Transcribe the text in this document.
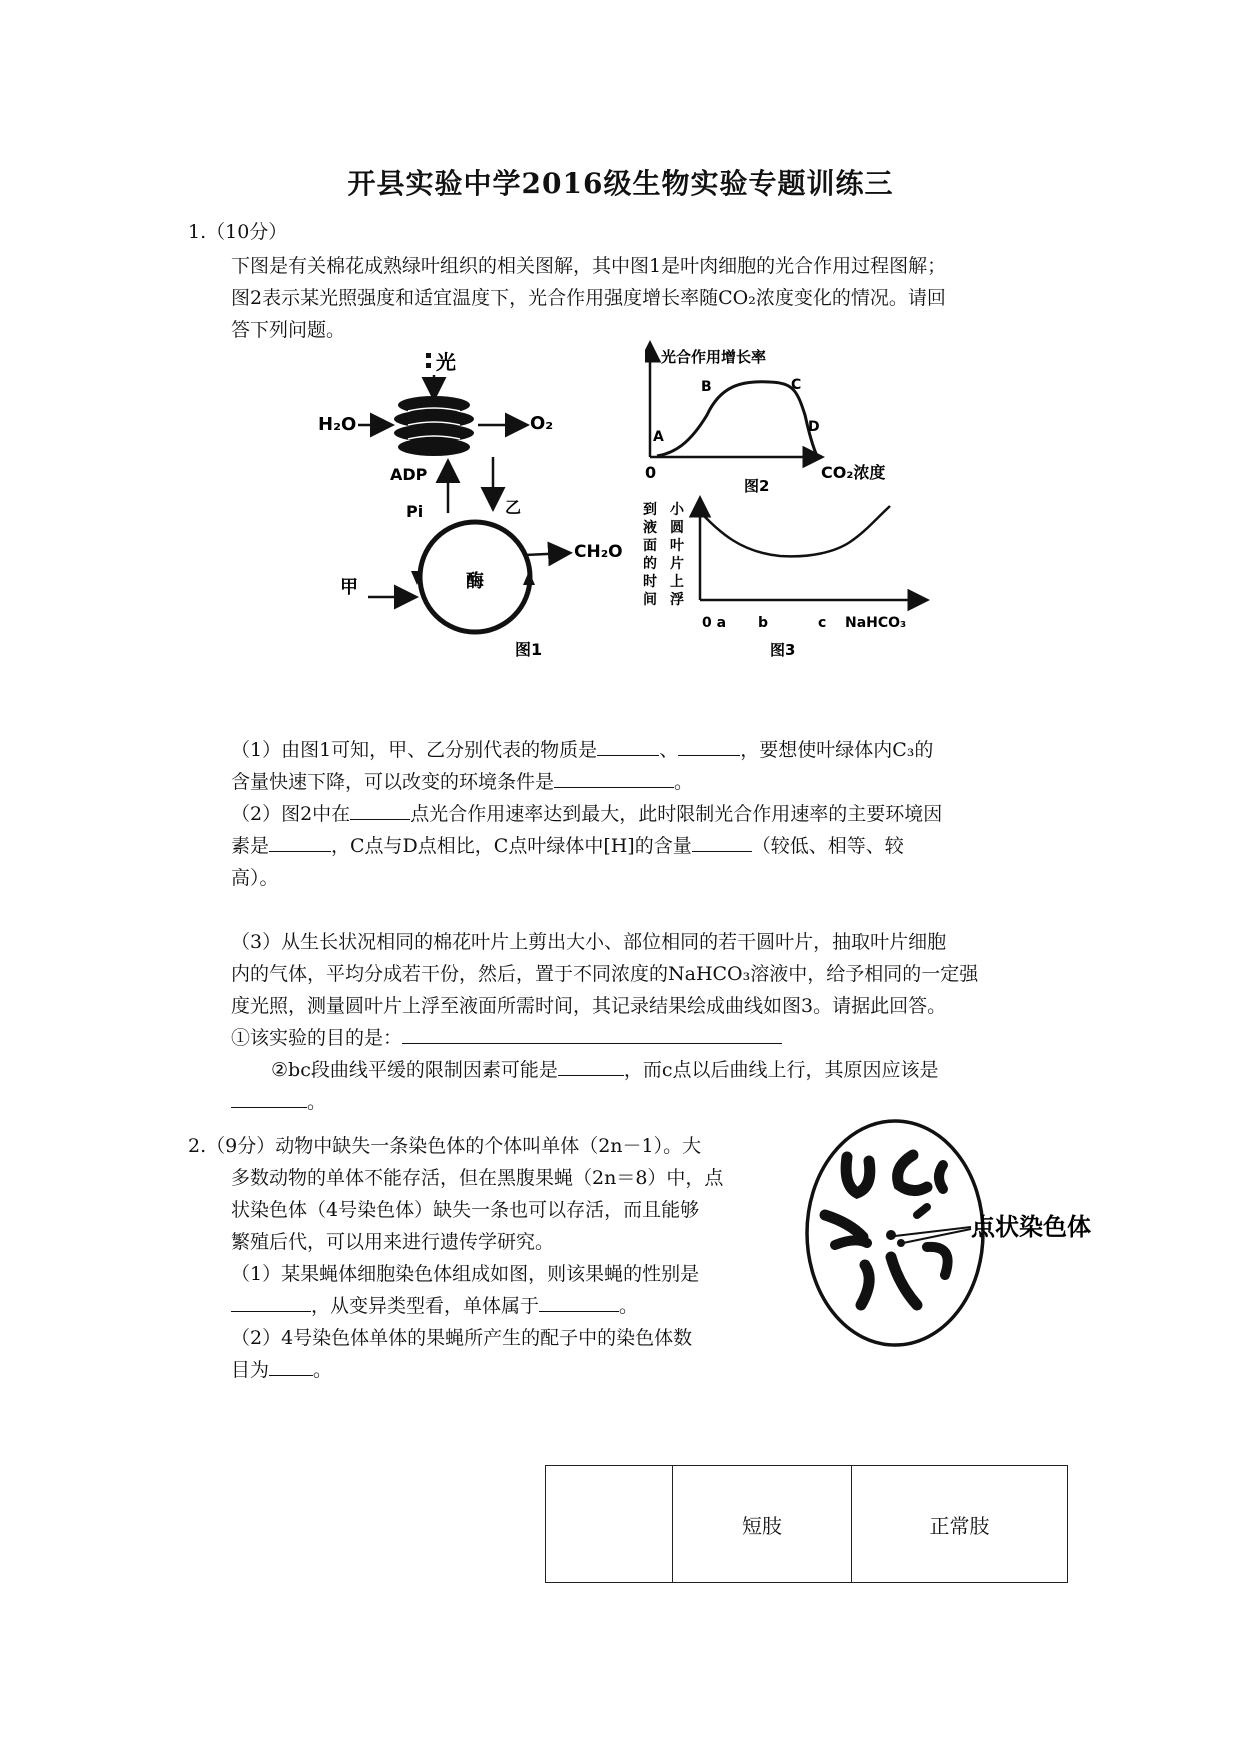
开县实验中学2016级生物实验专题训练三
1.（10分）
下图是有关棉花成熟绿叶组织的相关图解，其中图1是叶肉细胞的光合作用过程图解；
图2表示某光照强度和适宜温度下，光合作用强度增长率随CO₂浓度变化的情况。请回
答下列问题。
光
H₂O	O₂
ADP
Pi	乙
酶
CH₂O
甲
图1
光合作用增长率
A
B	C
D
0	CO₂浓度
图2
到
液
面
的
时
间
小
圆
叶
片
上
浮
0 a b	c NaHCO₃
图3
（1）由图1可知，甲、乙分别代表的物质是	、	，要想使叶绿体内C₃的
含量快速下降，可以改变的环境条件是	。
（2）图2中在	点光合作用速率达到最大，此时限制光合作用速率的主要环境因
素是	，C点与D点相比，C点叶绿体中[H]的含量	（较低、相等、较
高）。
（3）从生长状况相同的棉花叶片上剪出大小、部位相同的若干圆叶片，抽取叶片细胞
内的气体，平均分成若干份，然后，置于不同浓度的NaHCO₃溶液中，给予相同的一定强
度光照，测量圆叶片上浮至液面所需时间，其记录结果绘成曲线如图3。请据此回答。
①该实验的目的是：
②bc段曲线平缓的限制因素可能是	，而c点以后曲线上行，其原因应该是
。
2.（9分）动物中缺失一条染色体的个体叫单体（2n－1）。大
多数动物的单体不能存活，但在黑腹果蝇（2n＝8）中，点
状染色体（4号染色体）缺失一条也可以存活，而且能够
繁殖后代，可以用来进行遗传学研究。
（1）某果蝇体细胞染色体组成如图，则该果蝇的性别是
，从变异类型看，单体属于	。
（2）4号染色体单体的果蝇所产生的配子中的染色体数
目为 。
点状染色体
	短肢	正常肢
